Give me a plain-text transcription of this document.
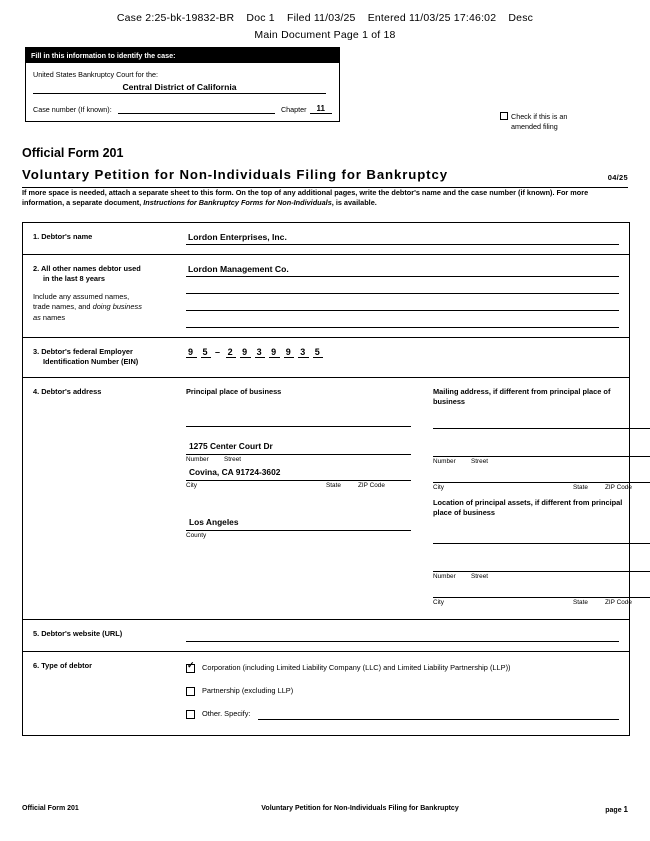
Case 2:25-bk-19832-BR Doc 1 Filed 11/03/25 Entered 11/03/25 17:46:02 Desc
Main Document Page 1 of 18
Fill in this information to identify the case:
United States Bankruptcy Court for the:
Central District of California
Case number (If known):	Chapter	11
Check if this is an
amended filing
Official Form 201
04/25
Voluntary Petition for Non-Individuals Filing for Bankruptcy
If more space is needed, attach a separate sheet to this form. On the top of any additional pages, write the debtor's name and the case number (if known). For more information, a separate document, Instructions for Bankruptcy Forms for Non-Individuals, is available.
1. Debtor's name	Lordon Enterprises, Inc.
2. All other names debtor used
in the last 8 years
Include any assumed names,
trade names, and doing business
as names
Lordon Management Co.
3. Debtor's federal Employer
Identification Number (EIN)
9 5 – 2 9 3 9 9 3 5
4. Debtor's address	Principal place of business
1275 Center Court Dr
Number	Street
Covina, CA 91724-3602
City	State	ZIP Code
Los Angeles
County
Mailing address, if different from principal place of
business
Number	Street
City	State	ZIP Code
Location of principal assets, if different from principal
place of business
Number	Street
City	State	ZIP Code
5. Debtor's website (URL)
6. Type of debtor ✓	Corporation (including Limited Liability Company (LLC) and Limited Liability Partnership (LLP))
Partnership (excluding LLP)
Other. Specify:
Official Form 201	Voluntary Petition for Non-Individuals Filing for Bankruptcy	page 1
